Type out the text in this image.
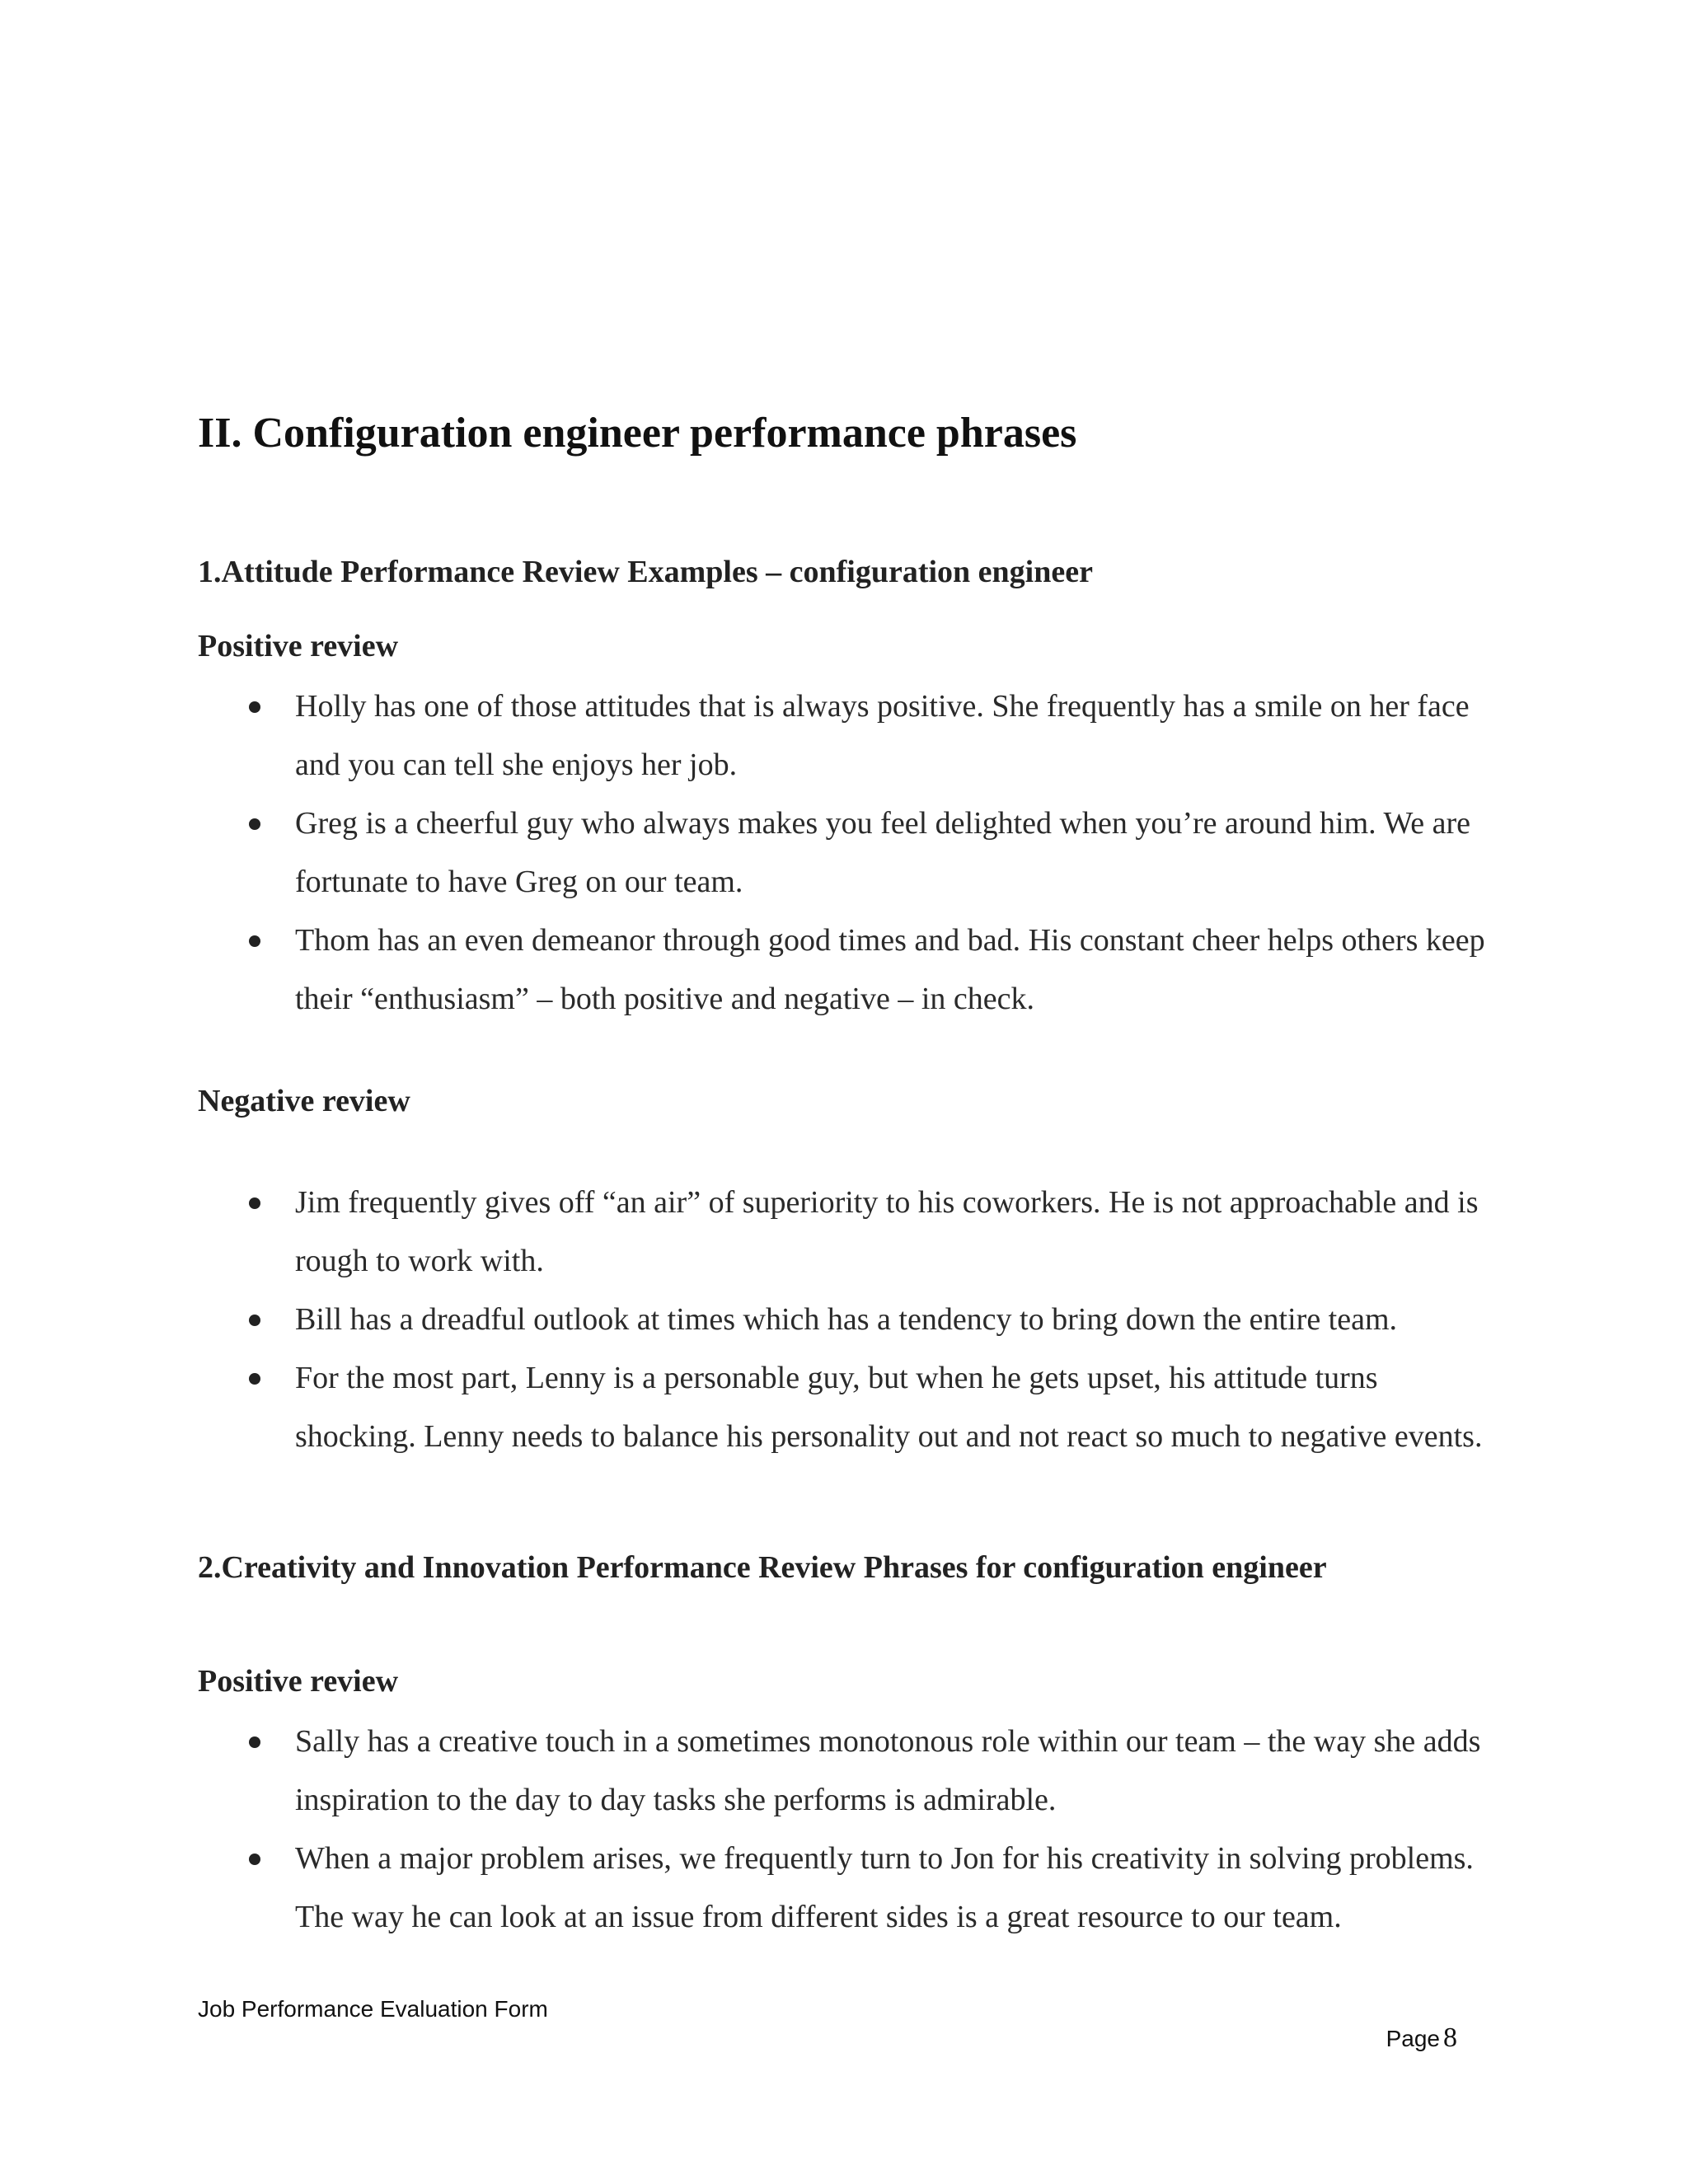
II. Configuration engineer performance phrases
1.Attitude Performance Review Examples – configuration engineer
Positive review
Holly has one of those attitudes that is always positive. She frequently has a smile on her face and you can tell she enjoys her job.
Greg is a cheerful guy who always makes you feel delighted when you’re around him. We are fortunate to have Greg on our team.
Thom has an even demeanor through good times and bad. His constant cheer helps others keep their “enthusiasm” – both positive and negative – in check.
Negative review
Jim frequently gives off “an air” of superiority to his coworkers. He is not approachable and is rough to work with.
Bill has a dreadful outlook at times which has a tendency to bring down the entire team.
For the most part, Lenny is a personable guy, but when he gets upset, his attitude turns shocking. Lenny needs to balance his personality out and not react so much to negative events.
2.Creativity and Innovation Performance Review Phrases for configuration engineer
Positive review
Sally has a creative touch in a sometimes monotonous role within our team – the way she adds inspiration to the day to day tasks she performs is admirable.
When a major problem arises, we frequently turn to Jon for his creativity in solving problems. The way he can look at an issue from different sides is a great resource to our team.
Job Performance Evaluation Form
Page 8
